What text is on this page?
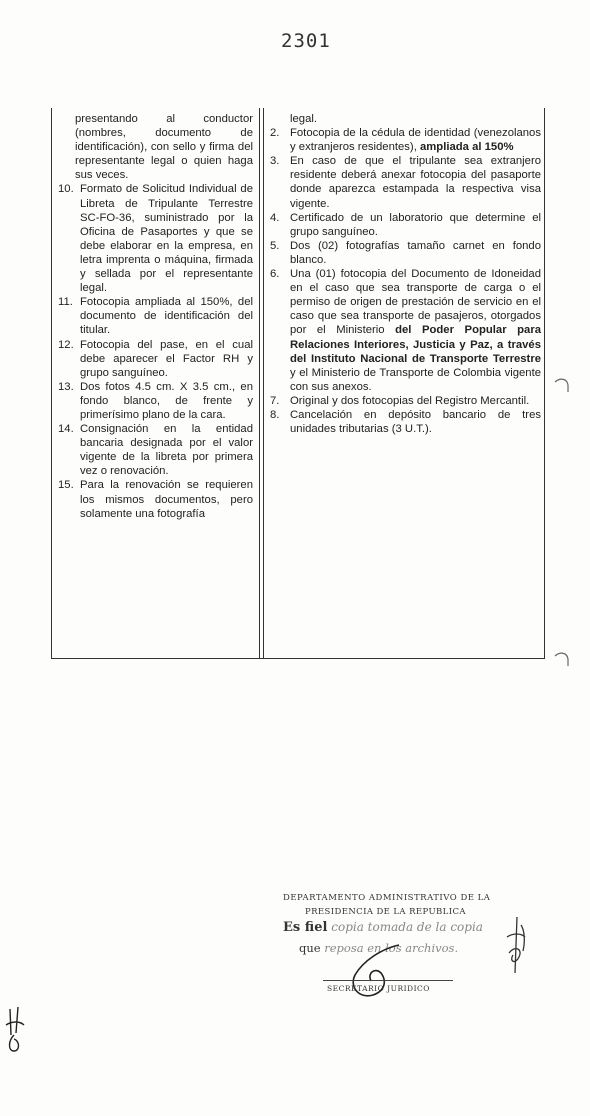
2301
presentando al conductor (nombres, documento de identificación), con sello y firma del representante legal o quien haga sus veces.
10. Formato de Solicitud Individual de Libreta de Tripulante Terrestre SC-FO-36, suministrado por la Oficina de Pasaportes y que se debe elaborar en la empresa, en letra imprenta o máquina, firmada y sellada por el representante legal.
11. Fotocopia ampliada al 150%, del documento de identificación del titular.
12. Fotocopia del pase, en el cual debe aparecer el Factor RH y grupo sanguíneo.
13. Dos fotos 4.5 cm. X 3.5 cm., en fondo blanco, de frente y primerísimo plano de la cara.
14. Consignación en la entidad bancaria designada por el valor vigente de la libreta por primera vez o renovación.
15. Para la renovación se requieren los mismos documentos, pero solamente una fotografía
legal.
2. Fotocopia de la cédula de identidad (venezolanos y extranjeros residentes), ampliada al 150%
3. En caso de que el tripulante sea extranjero residente deberá anexar fotocopia del pasaporte donde aparezca estampada la respectiva visa vigente.
4. Certificado de un laboratorio que determine el grupo sanguíneo.
5. Dos (02) fotografías tamaño carnet en fondo blanco.
6. Una (01) fotocopia del Documento de Idoneidad en el caso que sea transporte de carga o el permiso de origen de prestación de servicio en el caso que sea transporte de pasajeros, otorgados por el Ministerio del Poder Popular para Relaciones Interiores, Justicia y Paz, a través del Instituto Nacional de Transporte Terrestre y el Ministerio de Transporte de Colombia vigente con sus anexos.
7. Original y dos fotocopias del Registro Mercantil.
8. Cancelación en depósito bancario de tres unidades tributarias (3 U.T.).
DEPARTAMENTO ADMINISTRATIVO DE LA
PRESIDENCIA DE LA REPUBLICA
Es fiel copia tomada de la copia
que reposa en los archivos.
SECRETARIO JURIDICO
